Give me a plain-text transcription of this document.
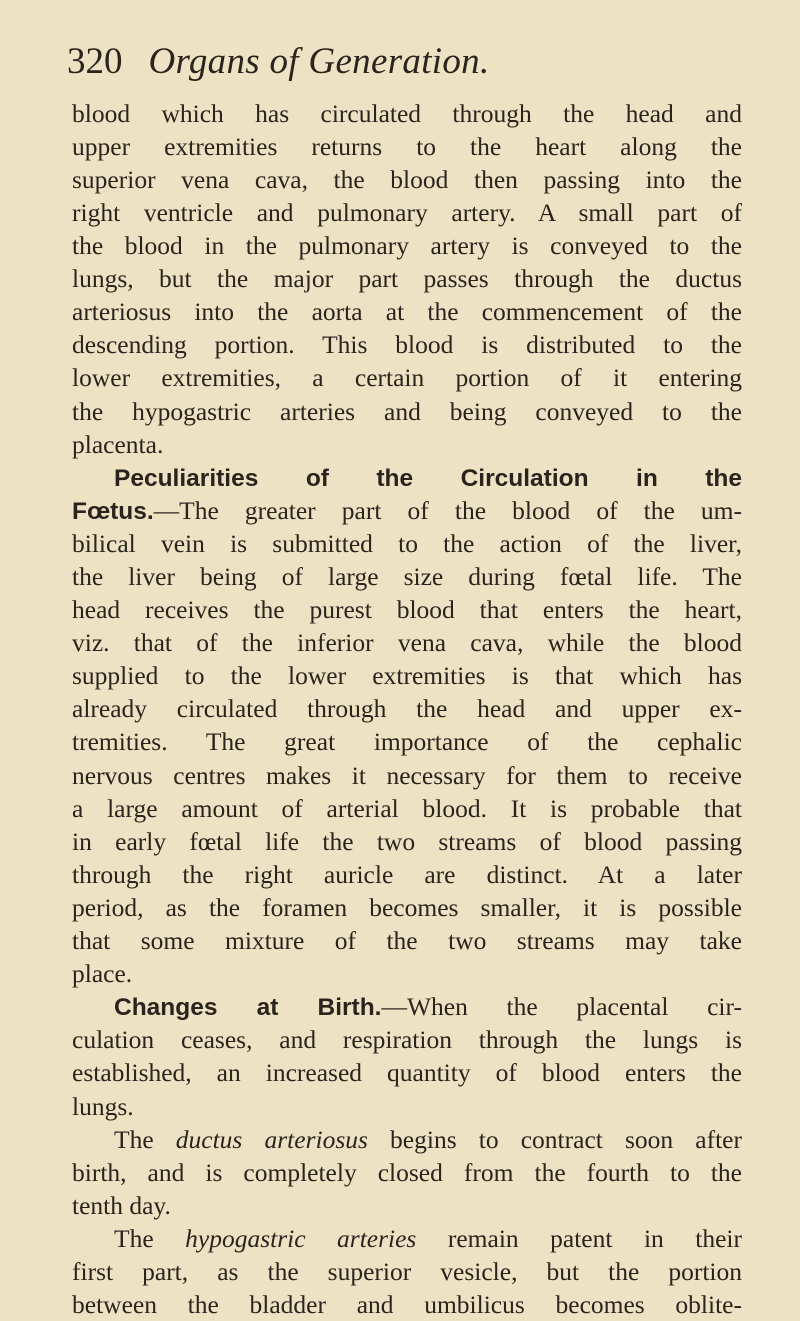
320 Organs of Generation.
blood which has circulated through the head and
upper extremities returns to the heart along the
superior vena cava, the blood then passing into the
right ventricle and pulmonary artery. A small part of
the blood in the pulmonary artery is conveyed to the
lungs, but the major part passes through the ductus
arteriosus into the aorta at the commencement of the
descending portion. This blood is distributed to the
lower extremities, a certain portion of it entering
the hypogastric arteries and being conveyed to the
placenta.
Peculiarities of the Circulation in the
Fœtus.—The greater part of the blood of the um-
bilical vein is submitted to the action of the liver,
the liver being of large size during fœtal life. The
head receives the purest blood that enters the heart,
viz. that of the inferior vena cava, while the blood
supplied to the lower extremities is that which has
already circulated through the head and upper ex-
tremities. The great importance of the cephalic
nervous centres makes it necessary for them to receive
a large amount of arterial blood. It is probable that
in early fœtal life the two streams of blood passing
through the right auricle are distinct. At a later
period, as the foramen becomes smaller, it is possible
that some mixture of the two streams may take
place.
Changes at Birth.—When the placental cir-
culation ceases, and respiration through the lungs is
established, an increased quantity of blood enters the
lungs.
The ductus arteriosus begins to contract soon after
birth, and is completely closed from the fourth to the
tenth day.
The hypogastric arteries remain patent in their
first part, as the superior vesicle, but the portion
between the bladder and umbilicus becomes oblite-
